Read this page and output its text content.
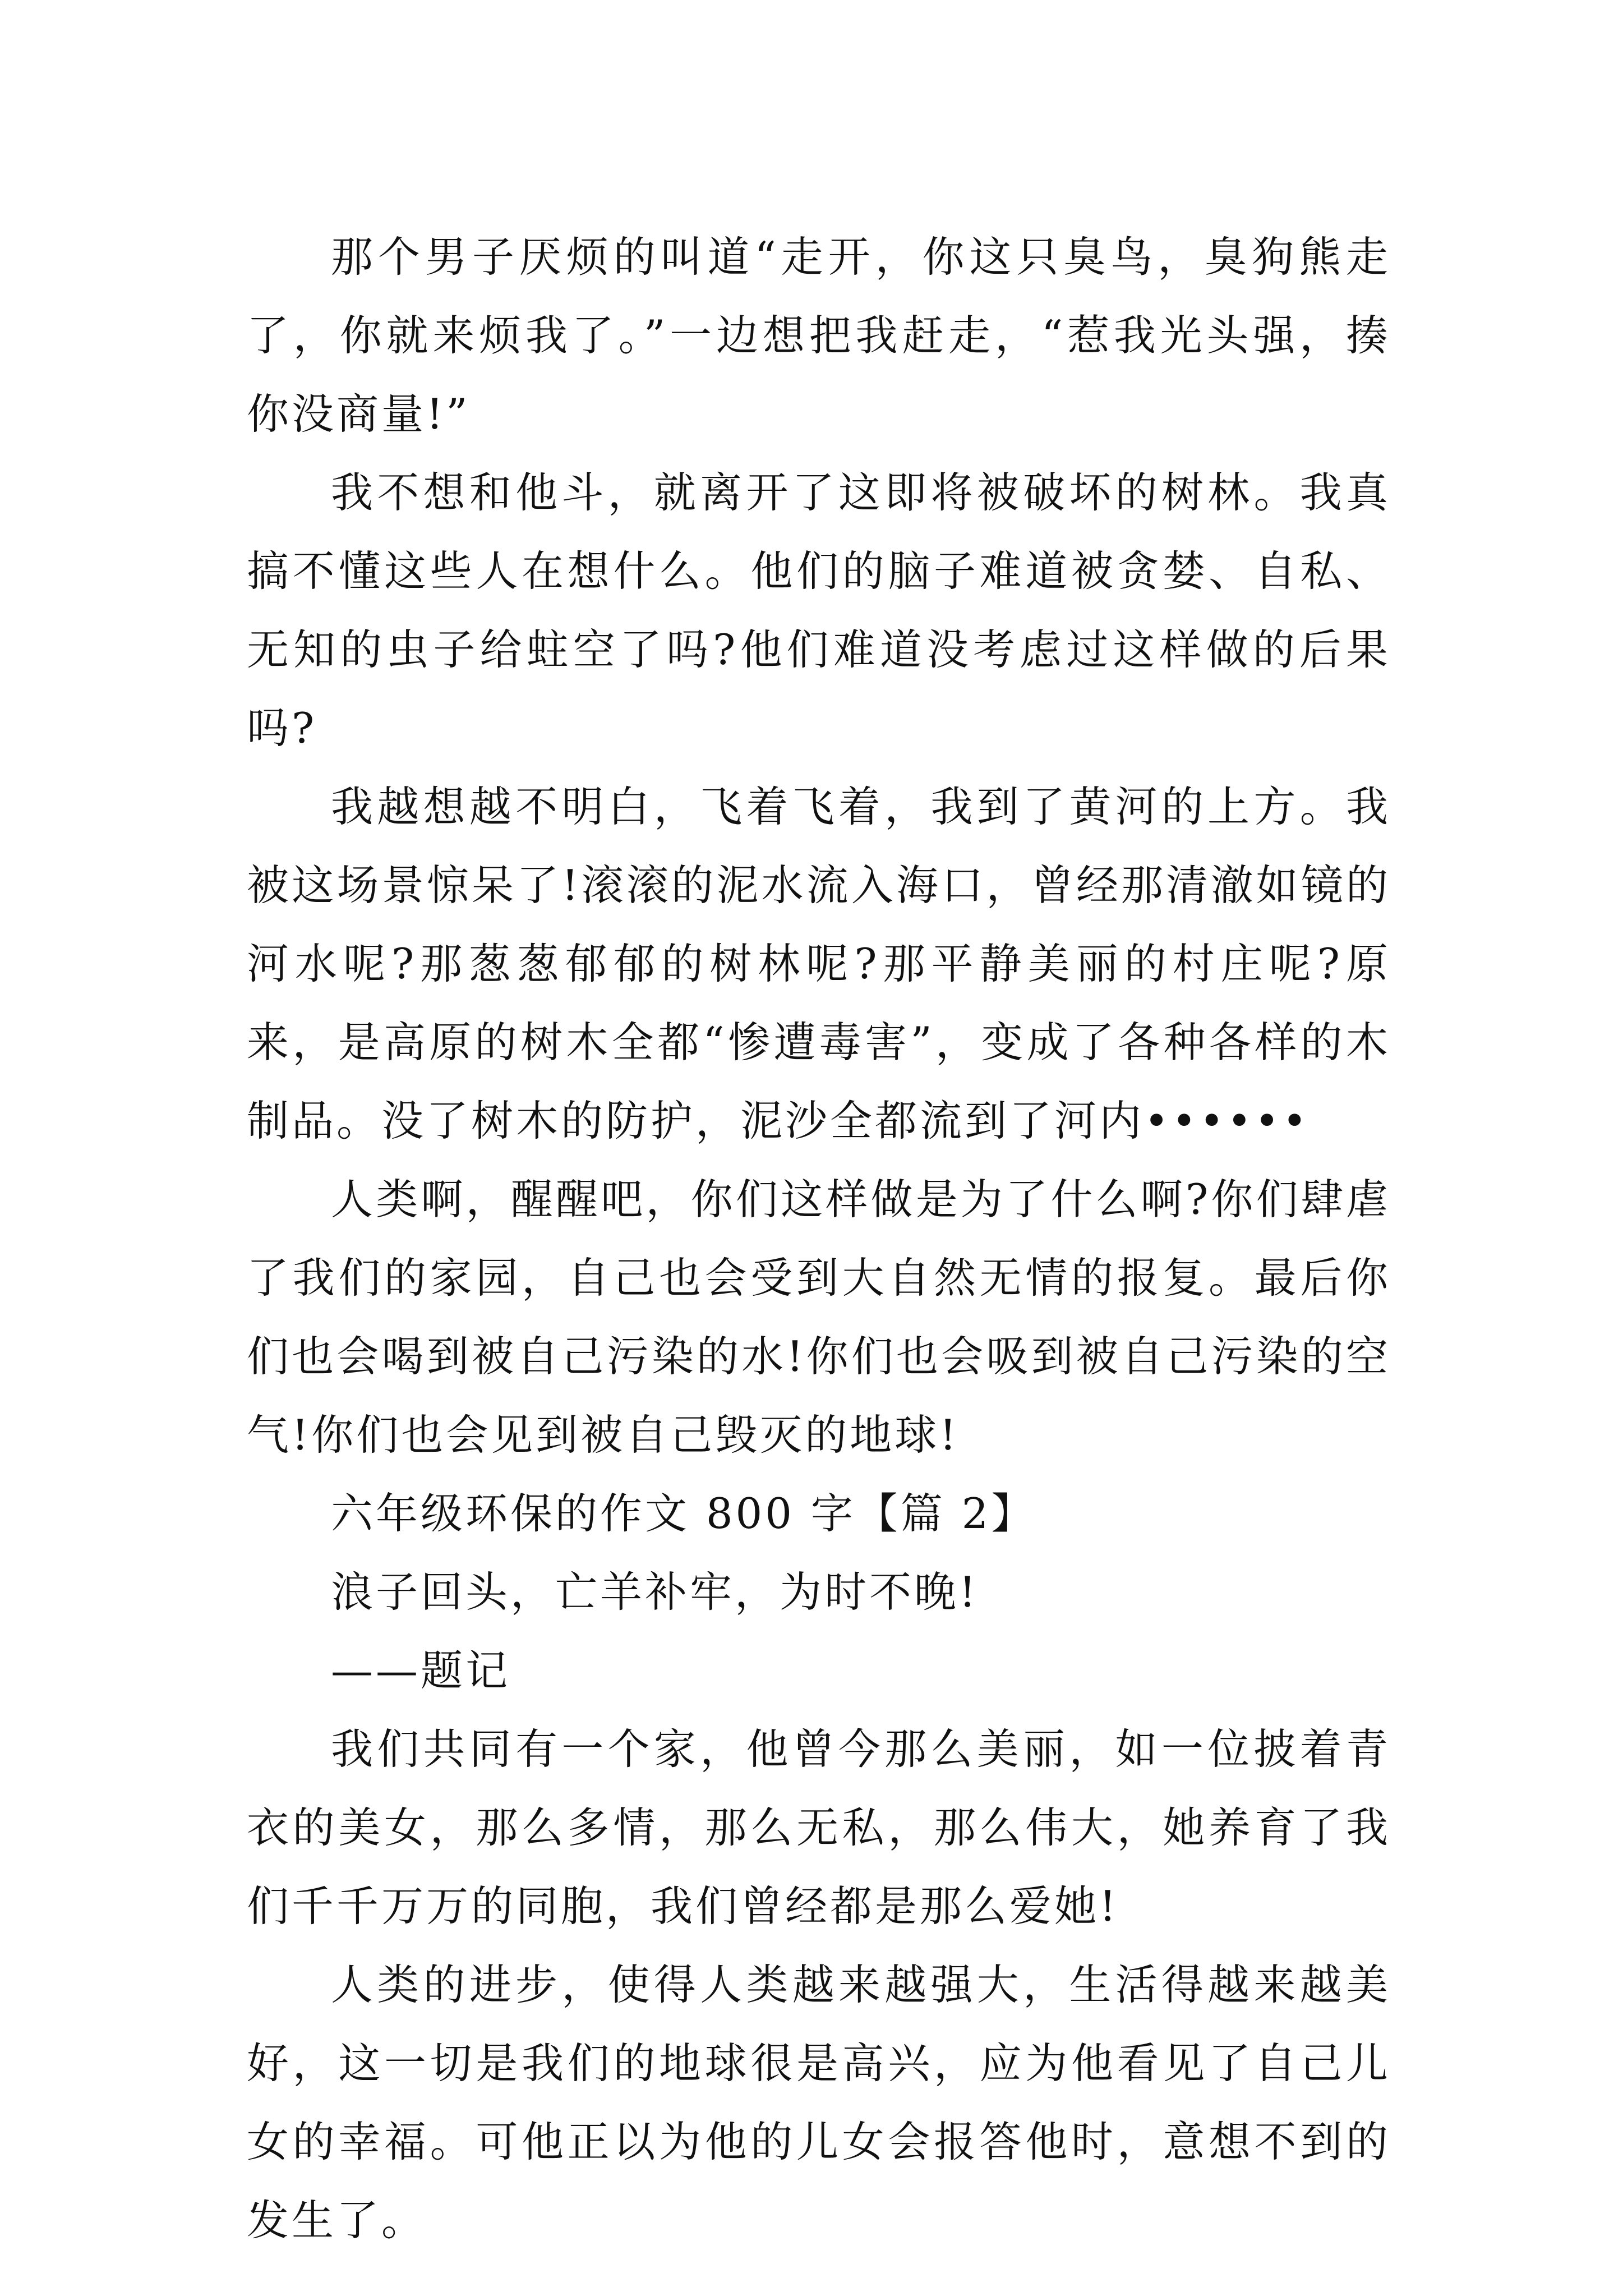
那个男子厌烦的叫道“走开，你这只臭鸟，臭狗熊走了，你就来烦我了。”一边想把我赶走，“惹我光头强，揍你没商量!”

我不想和他斗，就离开了这即将被破坏的树林。我真搞不懂这些人在想什么。他们的脑子难道被贪婪、自私、无知的虫子给蛀空了吗?他们难道没考虑过这样做的后果吗?

我越想越不明白，飞着飞着，我到了黄河的上方。我被这场景惊呆了!滚滚的泥水流入海口，曾经那清澈如镜的河水呢?那葱葱郁郁的树林呢?那平静美丽的村庄呢?原来，是高原的树木全都“惨遭毒害”，变成了各种各样的木制品。没了树木的防护，泥沙全都流到了河内••••••

人类啊，醒醒吧，你们这样做是为了什么啊?你们肆虐了我们的家园，自己也会受到大自然无情的报复。最后你们也会喝到被自己污染的水!你们也会吸到被自己污染的空气!你们也会见到被自己毁灭的地球!

六年级环保的作文 800 字【篇 2】

浪子回头，亡羊补牢，为时不晚!

——题记

我们共同有一个家，他曾今那么美丽，如一位披着青衣的美女，那么多情，那么无私，那么伟大，她养育了我们千千万万的同胞，我们曾经都是那么爱她!

人类的进步，使得人类越来越强大，生活得越来越美好，这一切是我们的地球很是高兴，应为他看见了自己儿女的幸福。可他正以为他的儿女会报答他时，意想不到的发生了。
